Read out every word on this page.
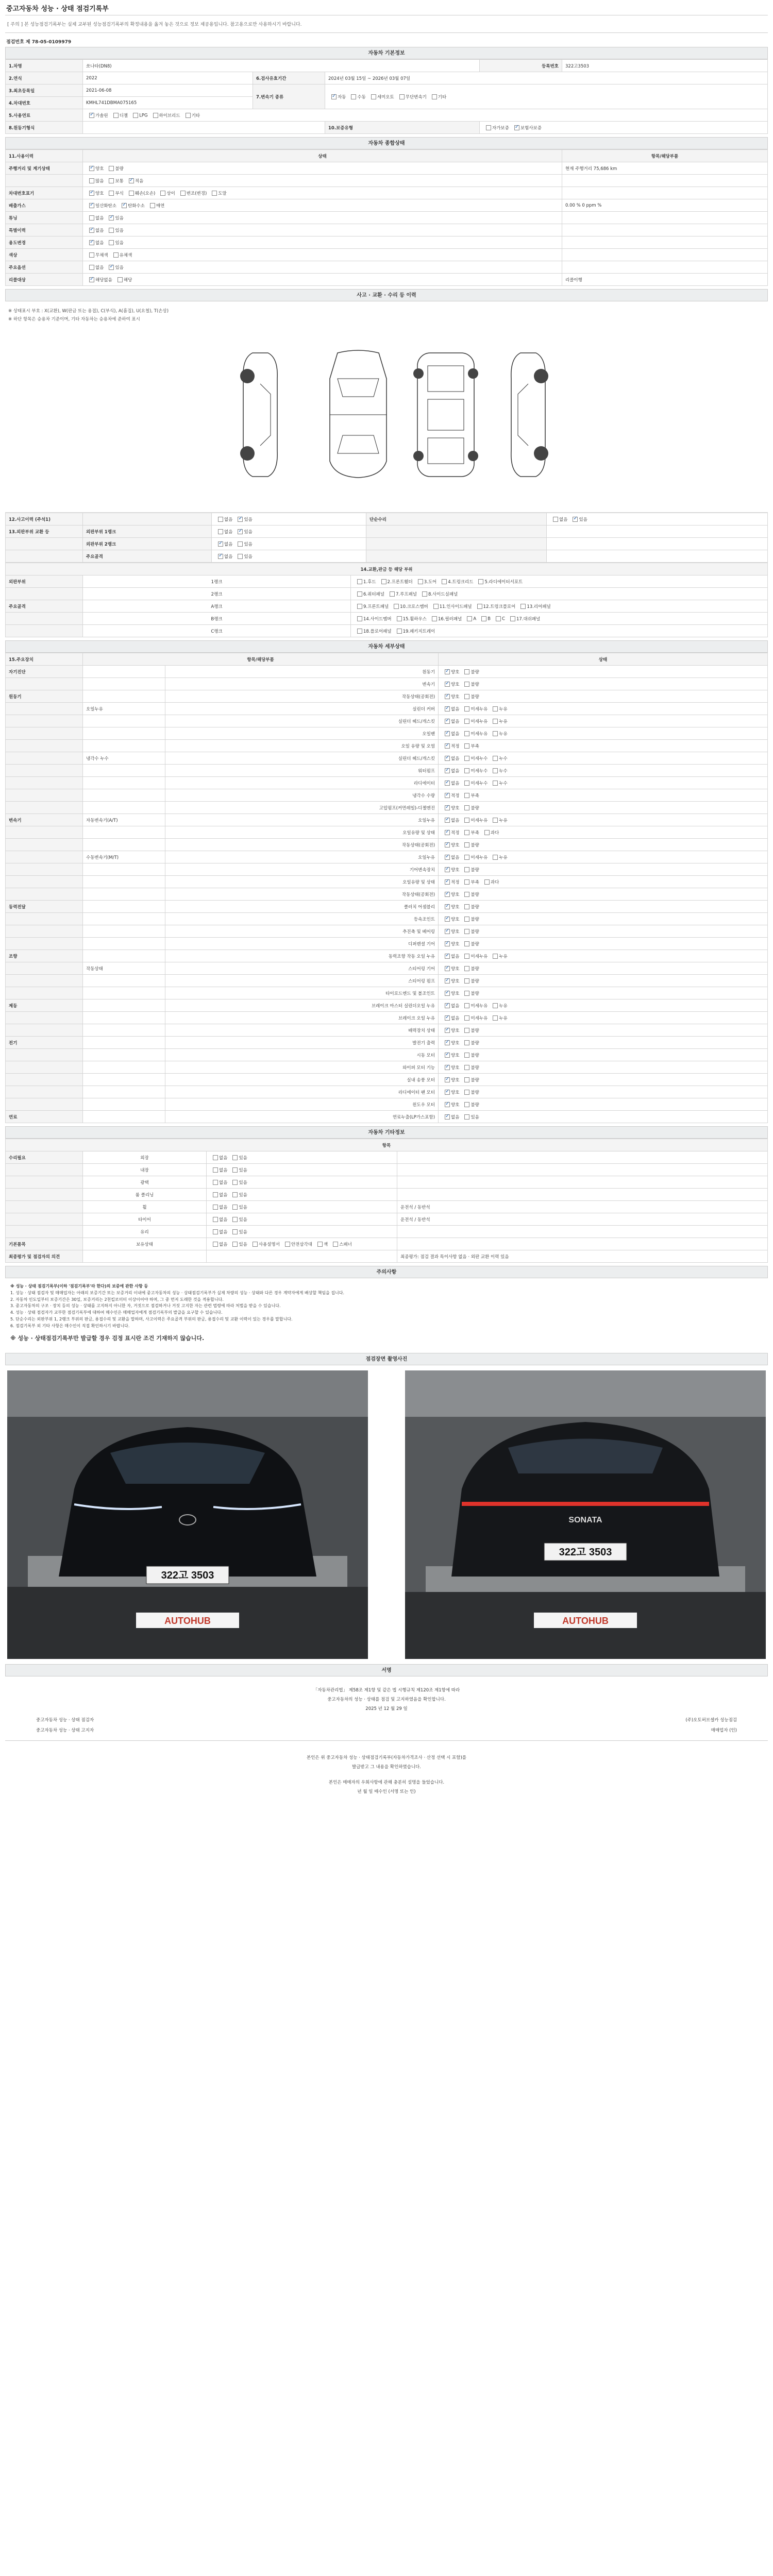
중고자동차 성능 · 상태 점검기록부
[ 주의 ] 본 성능점검기록부는 실제 교부된 성능점검기록부의 확정내용을 옮겨 놓은 것으로 정보 제공용입니다. 참고용으로만 사용하시기 바랍니다.
점검번호 제 78-05-0109979
자동차 기본정보
1.차명	쏘나타(DN8)			등록번호	322고3503
2.연식	2022	6.검사유효기간	2024년 03월 15일 ~ 2026년 03월 07일		
3.최초등록일	2021-06-08	7.변속기 종류	✓자동 수동 세미오토 무단변속기 기타
4.차대번호	KMHL741DBMA075165				
5.사용연료	✓가솔린 디젤 LPG 하이브리드 기타
8.원동기형식			10.보증유형	자가보증 ✓ 보험사보증
자동차 종합상태
11.사용이력	상태	항목/해당부품
주행거리 및 계기상태	✓양호 불량	현재 주행거리 75,686 km
	많음 보통 ✓ 적음	
차대번호표기	✓양호 부식 훼손(오손) 상이 변조(변경) 도말	
배출가스	✓일산화탄소 ✓ 탄화수소 매연	0.00 % 0 ppm %
튜닝	없음 ✓ 있음	
특별이력	✓없음 있음	
용도변경	✓없음 있음	
색상	무채색 유채색	
주요옵션	없음 ✓ 있음	
리콜대상	✓해당없음 해당	리콜이행
사고 · 교환 · 수리 등 이력
※ 상태표시 부호 : X(교환), W(판금 또는 용접), C(부식), A(흠집), U(요철), T(손상)
※ 하단 항목은 승용차 기준이며, 기타 자동차는 승용차에 준하여 표시
12.사고이력 (주석1)		없음 ✓ 있음	단순수리	없음 ✓ 있음
13.외판부위 교환 등	외판부위 1랭크	없음 ✓ 있음		
	외판부위 2랭크	✓없음 있음		
	주요골격	✓없음 있음		
14.교환,판금 등 해당 부위		
외판부위	1랭크	1.후드 2.프론트휀더 3.도어 4.트렁크리드 5.라디에이터서포트
	2랭크	6.쿼터패널 7.루프패널 8.사이드실패널
주요골격	A랭크	9.프론트패널 10.크로스멤버 11.인사이드패널 12.트렁크플로어 13.리어패널
	B랭크	14.사이드멤버 15.휠하우스 16.필러패널 A B C 17.대쉬패널
	C랭크	18.플로어패널 19.패키지트레이
자동차 세부상태
15.주요장치	항목/해당부품		상태
자기진단		원동기	✓양호 불량
		변속기	✓양호 불량
원동기		작동상태(공회전)	✓양호 불량
	오일누유	실린더 커버	✓없음 미세누유 누유
		실린더 헤드/개스킷	✓없음 미세누유 누유
		오일팬	✓없음 미세누유 누유
		오일 유량 및 오염	✓적정 부족
	냉각수 누수	실린더 헤드/개스킷	✓없음 미세누수 누수
		워터펌프	✓없음 미세누수 누수
		라디에이터	✓없음 미세누수 누수
		냉각수 수량	✓적정 부족
		고압펌프(커먼레일)-디젤엔진	✓양호 불량
변속기	자동변속기(A/T)	오일누유	✓없음 미세누유 누유
		오일유량 및 상태	✓적정 부족 과다
		작동상태(공회전)	✓양호 불량
	수동변속기(M/T)	오일누유	✓없음 미세누유 누유
		기어변속장치	✓양호 불량
		오일유량 및 상태	✓적정 부족 과다
		작동상태(공회전)	✓양호 불량
동력전달		클러치 어셈블리	✓양호 불량
		등속조인트	✓양호 불량
		추진축 및 베어링	✓양호 불량
		디퍼렌셜 기어	✓양호 불량
조향		동력조향 작동 오일 누유	✓없음 미세누유 누유
	작동상태	스티어링 기어	✓양호 불량
		스티어링 펌프	✓양호 불량
		타이로드엔드 및 볼조인트	✓양호 불량
제동		브레이크 마스터 실린더오일 누유	✓없음 미세누유 누유
		브레이크 오일 누유	✓없음 미세누유 누유
		배력장치 상태	✓양호 불량
전기		발전기 출력	✓양호 불량
		시동 모터	✓양호 불량
		와이퍼 모터 기능	✓양호 불량
		실내 송풍 모터	✓양호 불량
		라디에이터 팬 모터	✓양호 불량
		윈도우 모터	✓양호 불량
연료		연료누출(LP가스포함)	✓없음 있음
자동차 기타정보
항목			
수리필요	외장	없음 있음	
	내장	없음 있음	
	광택	없음 있음	
	룸 클리닝	없음 있음	
	휠	없음 있음	운전석 / 동반석
	타이어	없음 있음	운전석 / 동반석
	유리	없음 있음	
기본품목	보유상태	없음 있음 사용설명서 안전삼각대 잭 스패너	
최종평가 및 점검자의 의견			최종평가: 점검 결과 특이사항 없음 · 외판 교환 이력 있음
주의사항
※ 성능 · 상태 점검기록부(이하 '점검기록부'라 한다)의 보증에 관한 사항 등
1. 성능 · 상태 점검자 및 매매업자는 아래의 보증기간 또는 보증거리 이내에 중고자동차의 성능 · 상태점검기록부가 실제 차량의 성능 · 상태와 다른 경우 계약자에게 배상할 책임을 집니다.
2. 자동차 인도일부터 보증기간은 30일, 보증거리는 2천킬로미터 이상이어야 하며, 그 중 먼저 도래한 것을 적용합니다.
3. 중고자동차의 구조 · 장치 등의 성능 · 상태를 고지하지 아니한 자, 거짓으로 점검하거나 거짓 고지한 자는 관련 법령에 따라 처벌을 받을 수 있습니다.
4. 성능 · 상태 점검자가 교부한 점검기록부에 대하여 매수인은 매매업자에게 점검기록부의 발급을 요구할 수 있습니다.
5. 단순수리는 외판부위 1, 2랭크 부위의 판금, 용접수리 및 교환을 말하며, 사고이력은 주요골격 부위의 판금, 용접수리 및 교환 이력이 있는 경우를 말합니다.
6. 점검기록부 외 기타 사항은 매수인이 직접 확인하시기 바랍니다.
※ 성능 · 상태점검기록부만 발급할 경우 검정 표시란 조건 기재하지 않습니다.
점검장면 촬영사진
322고 3503
AUTOHUB
SONATA
322고 3503
AUTOHUB
서명

「자동차관리법」 제58조 제1항 및 같은 법 시행규칙 제120조 제1항에 따라

중고자동차의 성능 · 상태를 점검 및 고지하였음을 확인합니다.

2025 년 12 월 29 일

중고자동차 성능 · 상태 점검자	(주)오토허브셀카 성능점검
중고자동차 성능 · 상태 고지자	매매업자 (인)

본인은 위 중고자동차 성능 · 상태점검기록부(자동차가격조사 · 산정 선택 시 포함)를

발급받고 그 내용을 확인하였습니다.

본인은 매매자의 우회사항에 관해 충분히 설명을 들었습니다.

년 월 일 매수인 (서명 또는 인)
